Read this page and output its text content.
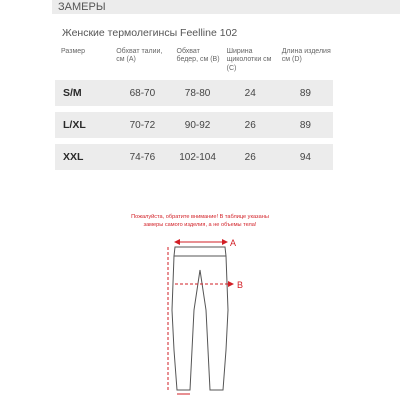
ЗАМЕРЫ
Женские термолегинсы Feelline 102
Размер	Обхват талии, см (A)	Обхват бедер, см (B)	Ширина щиколотки см (C)	Длина изделия см (D)
S/M	68-70	78-80	24	89

L/XL	70-72	90-92	26	89

XXL	74-76	102-104	26	94
Пожалуйста, обратите внимание! В таблице указаны замеры самого изделия, а не объемы тела!
A
B
